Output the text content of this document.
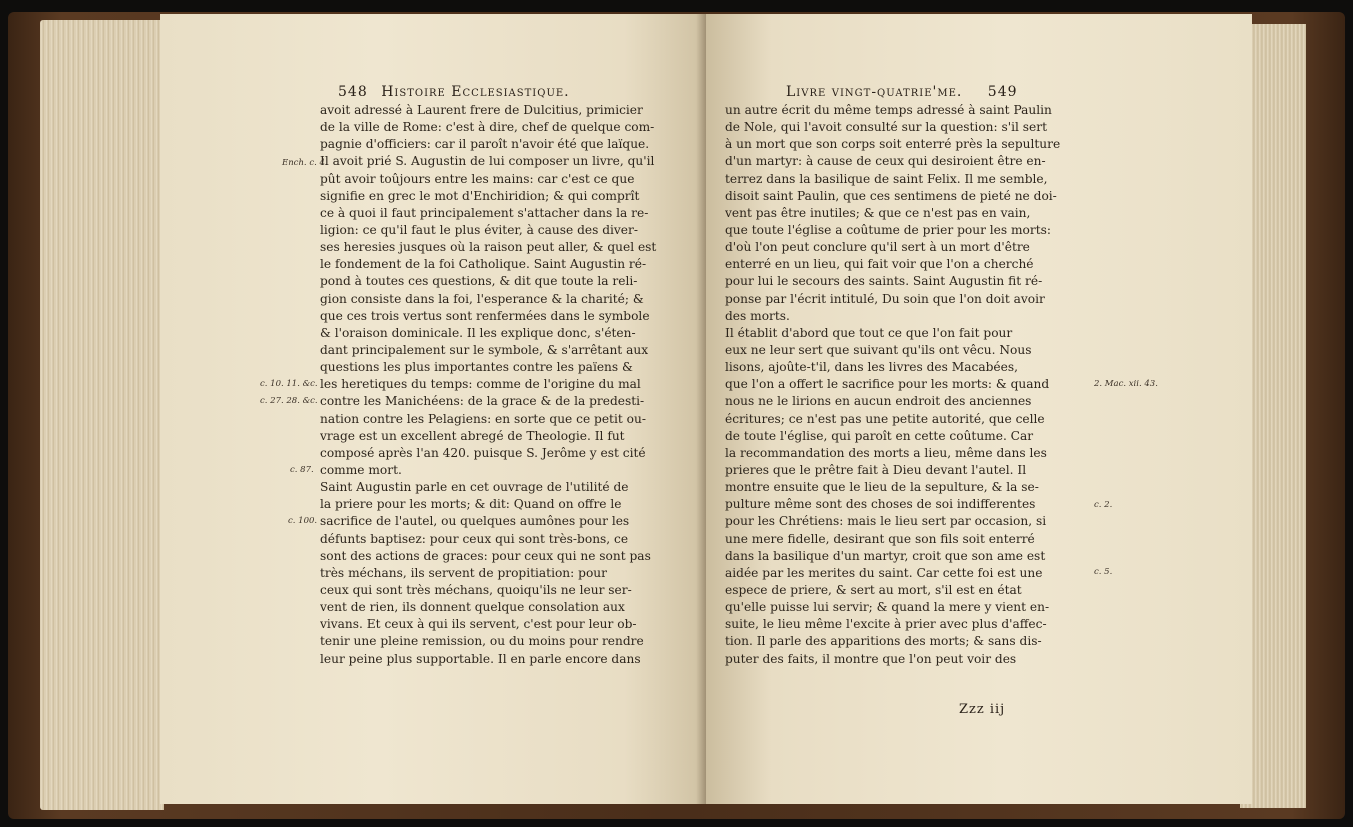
548 Histoire Ecclesiastique.
avoit adressé à Laurent frere de Dulcitius, primicier
de la ville de Rome: c'est à dire, chef de quelque com-
pagnie d'officiers: car il paroît n'avoir été que laïque.
Il avoit prié S. Augustin de lui composer un livre, qu'il
pût avoir toûjours entre les mains: car c'est ce que
signifie en grec le mot d'Enchiridion; & qui comprît
ce à quoi il faut principalement s'attacher dans la re-
ligion: ce qu'il faut le plus éviter, à cause des diver-
ses heresies jusques où la raison peut aller, & quel est
le fondement de la foi Catholique. Saint Augustin ré-
pond à toutes ces questions, & dit que toute la reli-
gion consiste dans la foi, l'esperance & la charité; &
que ces trois vertus sont renfermées dans le symbole
& l'oraison dominicale. Il les explique donc, s'éten-
dant principalement sur le symbole, & s'arrêtant aux
questions les plus importantes contre les païens &
les heretiques du temps: comme de l'origine du mal
contre les Manichéens: de la grace & de la predesti-
nation contre les Pelagiens: en sorte que ce petit ou-
vrage est un excellent abregé de Theologie. Il fut
composé après l'an 420. puisque S. Jerôme y est cité
comme mort.
Saint Augustin parle en cet ouvrage de l'utilité de
la priere pour les morts; & dit: Quand on offre le
sacrifice de l'autel, ou quelques aumônes pour les
défunts baptisez: pour ceux qui sont très-bons, ce
sont des actions de graces: pour ceux qui ne sont pas
très méchans, ils servent de propitiation: pour
ceux qui sont très méchans, quoiqu'ils ne leur ser-
vent de rien, ils donnent quelque consolation aux
vivans. Et ceux à qui ils servent, c'est pour leur ob-
tenir une pleine remission, ou du moins pour rendre
leur peine plus supportable. Il en parle encore dans
Ench. c. 4.
c. 10. 11. &c.
c. 27. 28. &c.
c. 87.
c. 100.
Livre vingt-quatrie'me. 549
un autre écrit du même temps adressé à saint Paulin
de Nole, qui l'avoit consulté sur la question: s'il sert
à un mort que son corps soit enterré près la sepulture
d'un martyr: à cause de ceux qui desiroient être en-
terrez dans la basilique de saint Felix. Il me semble,
disoit saint Paulin, que ces sentimens de pieté ne doi-
vent pas être inutiles; & que ce n'est pas en vain,
que toute l'église a coûtume de prier pour les morts:
d'où l'on peut conclure qu'il sert à un mort d'être
enterré en un lieu, qui fait voir que l'on a cherché
pour lui le secours des saints. Saint Augustin fit ré-
ponse par l'écrit intitulé, Du soin que l'on doit avoir
des morts.
Il établit d'abord que tout ce que l'on fait pour
eux ne leur sert que suivant qu'ils ont vêcu. Nous
lisons, ajoûte-t'il, dans les livres des Macabées,
que l'on a offert le sacrifice pour les morts: & quand
nous ne le lirions en aucun endroit des anciennes
écritures; ce n'est pas une petite autorité, que celle
de toute l'église, qui paroît en cette coûtume. Car
la recommandation des morts a lieu, même dans les
prieres que le prêtre fait à Dieu devant l'autel. Il
montre ensuite que le lieu de la sepulture, & la se-
pulture même sont des choses de soi indifferentes
pour les Chrétiens: mais le lieu sert par occasion, si
une mere fidelle, desirant que son fils soit enterré
dans la basilique d'un martyr, croit que son ame est
aidée par les merites du saint. Car cette foi est une
espece de priere, & sert au mort, s'il est en état
qu'elle puisse lui servir; & quand la mere y vient en-
suite, le lieu même l'excite à prier avec plus d'affec-
tion. Il parle des apparitions des morts; & sans dis-
puter des faits, il montre que l'on peut voir des
2. Mac. xii. 43.
c. 2.
c. 5.
Zzz iij
